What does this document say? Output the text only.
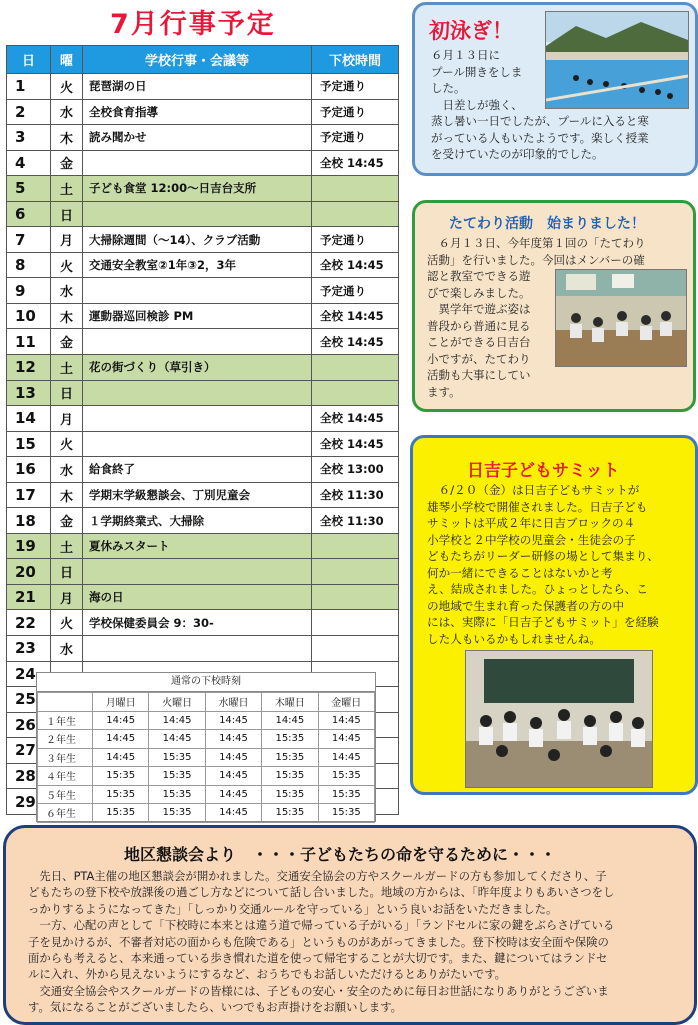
7月行事予定
日	曜	学校行事・会議等	下校時間
1	火	琵琶湖の日	予定通り
2	水	全校食育指導	予定通り
3	木	読み聞かせ	予定通り
4	金		全校 14:45
5	土	子ども食堂 12:00～日吉台支所	
6	日		
7	月	大掃除週間（～14）、クラブ活動	予定通り
8	火	交通安全教室②1年③2，3年	全校 14:45
9	水		予定通り
10	木	運動器巡回検診 PM	全校 14:45
11	金		全校 14:45
12	土	花の街づくり（草引き）	
13	日		
14	月		全校 14:45
15	火		全校 14:45
16	水	給食終了	全校 13:00
17	木	学期末学級懇談会、丁別児童会	全校 11:30
18	金	１学期終業式、大掃除	全校 11:30
19	土	夏休みスタート	
20	日		
21	月	海の日	
22	火	学校保健委員会 9：30-	
23	水		
24			
25			
26			
27			
28			
29			
通常の下校時刻
	月曜日	火曜日	水曜日	木曜日	金曜日
１年生	14:45	14:45	14:45	14:45	14:45
２年生	14:45	14:45	14:45	15:35	14:45
３年生	14:45	15:35	14:45	15:35	14:45
４年生	15:35	15:35	14:45	15:35	15:35
５年生	15:35	15:35	14:45	15:35	15:35
６年生	15:35	15:35	14:45	15:35	15:35
初泳ぎ！
６月１３日に
プール開きをしま
した。
　日差しが強く、
蒸し暑い一日でしたが、プールに入ると寒
がっている人もいたようです。楽しく授業
を受けていたのが印象的でした。
たてわり活動　始まりました！
　６月１３日、今年度第１回の「たてわり
活動」を行いました。今回はメンバーの確
認と教室でできる遊
びで楽しみました。
　異学年で遊ぶ姿は
普段から普通に見る
ことができる日吉台
小ですが、たてわり
活動も大事にしてい
ます。
日吉子どもサミット
　６/２０（金）は日吉子どもサミットが
雄琴小学校で開催されました。日吉子ども
サミットは平成２年に日吉ブロックの４
小学校と２中学校の児童会・生徒会の子
どもたちがリーダー研修の場として集まり、
何か一緒にできることはないかと考
え、結成されました。ひょっとしたら、こ
の地域で生まれ育った保護者の方の中
には、実際に「日吉子どもサミット」を経験
した人もいるかもしれませんね。
地区懇談会より　・・・子どもたちの命を守るために・・・
　先日、PTA主催の地区懇談会が開かれました。交通安全協会の方やスクールガードの方も参加してくださり、子
どもたちの登下校や放課後の過ごし方などについて話し合いました。地域の方からは、「昨年度よりもあいさつをし
っかりするようになってきた」「しっかり交通ルールを守っている」という良いお話をいただきました。
　一方、心配の声として「下校時に本来とは違う道で帰っている子がいる」「ランドセルに家の鍵をぶらさげている
子を見かけるが、不審者対応の面からも危険である」というものがあがってきました。登下校時は安全面や保険の
面からも考えると、本来通っている歩き慣れた道を使って帰宅することが大切です。また、鍵についてはランドセ
ルに入れ、外から見えないようにするなど、おうちでもお話しいただけるとありがたいです。
　交通安全協会やスクールガードの皆様には、子どもの安心・安全のために毎日お世話になりありがとうございま
す。気になることがございましたら、いつでもお声掛けをお願いします。
